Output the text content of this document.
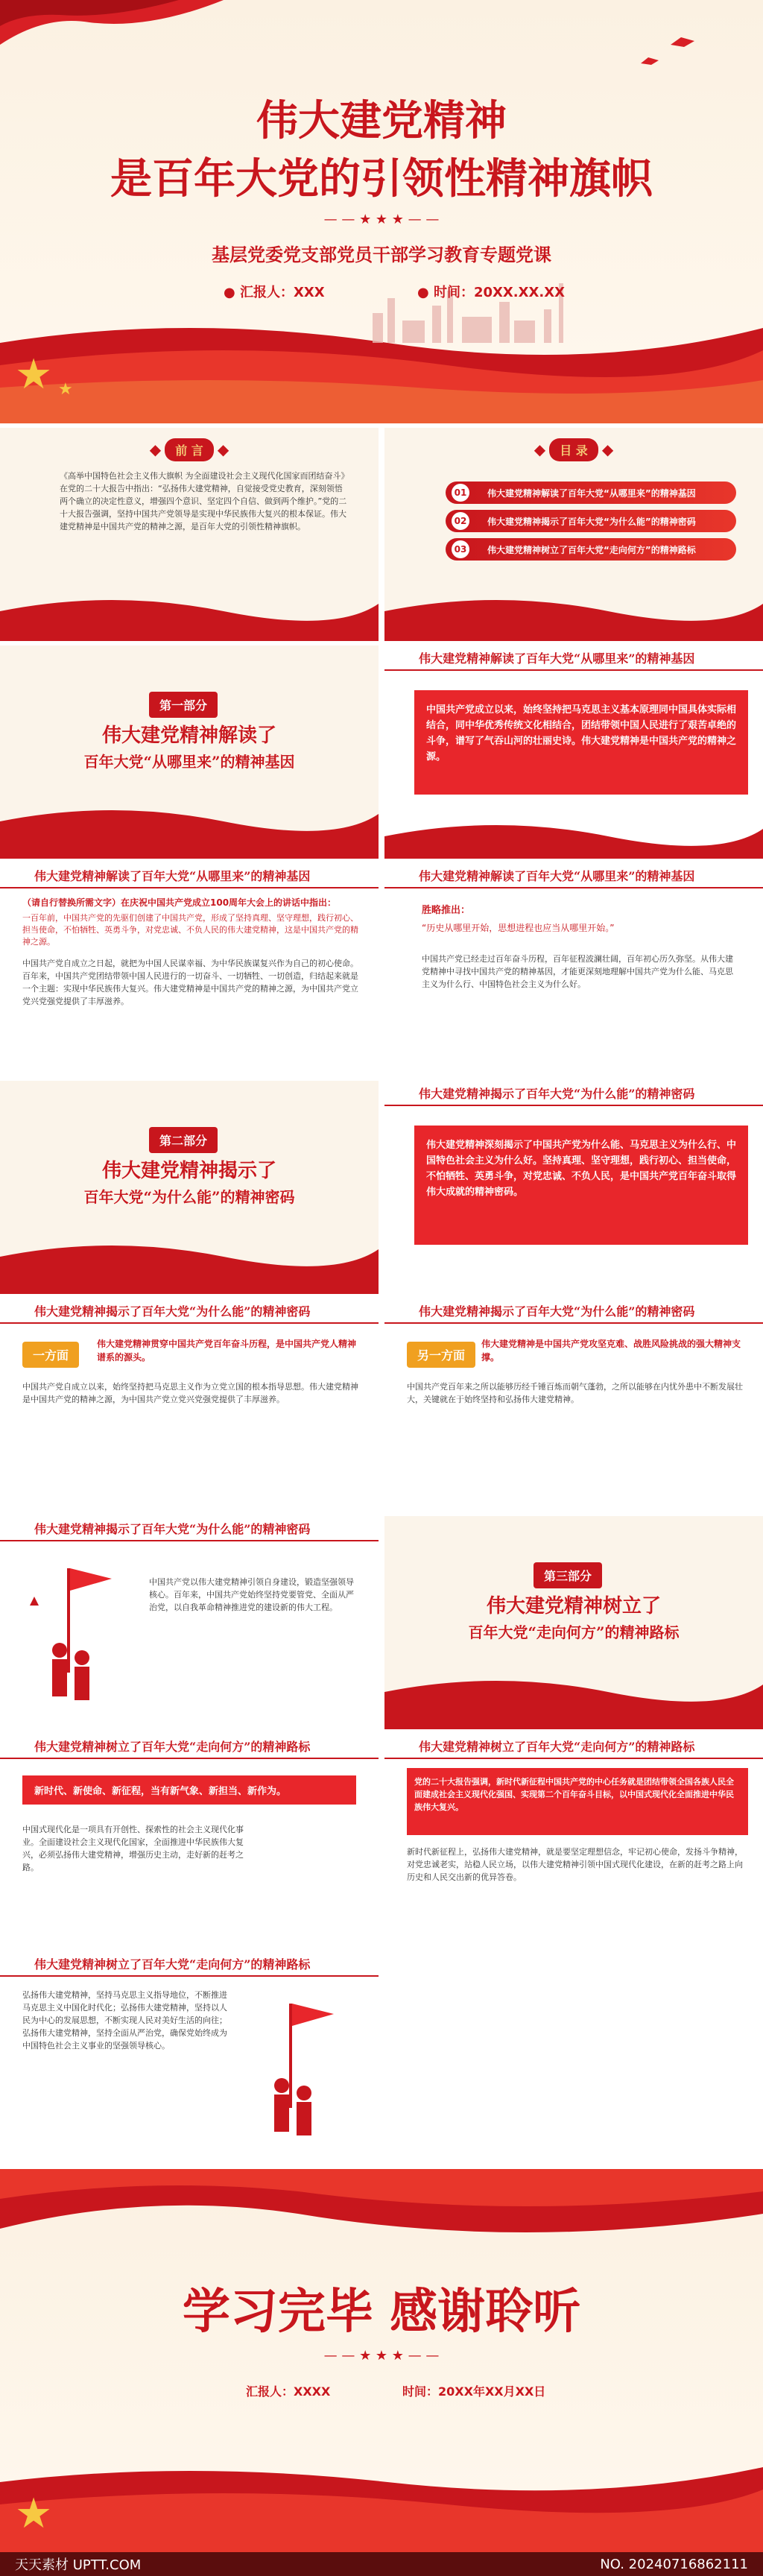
★ ★
伟大建党精神
是百年大党的引领性精神旗帜
— — ★ ★ ★ — —
基层党委党支部党员干部学习教育专题党课
● 汇报人：XXX	● 时间：20XX.XX.XX
◆ 前 言 ◆
《高举中国特色社会主义伟大旗帜 为全面建设社会主义现代化国家而团结奋斗》在党的二十大报告中指出：“弘扬伟大建党精神，自觉接受党史教育，深刻领悟两个确立的决定性意义，增强四个意识、坚定四个自信、做到两个维护。”党的二十大报告强调，坚持中国共产党领导是实现中华民族伟大复兴的根本保证。伟大建党精神是中国共产党的精神之源，是百年大党的引领性精神旗帜。
◆ 目 录 ◆
01	伟大建党精神解读了百年大党“从哪里来”的精神基因
02	伟大建党精神揭示了百年大党“为什么能”的精神密码
03	伟大建党精神树立了百年大党“走向何方”的精神路标
第一部分
伟大建党精神解读了
百年大党“从哪里来”的精神基因
伟大建党精神解读了百年大党“从哪里来”的精神基因
中国共产党成立以来，始终坚持把马克思主义基本原理同中国具体实际相结合，同中华优秀传统文化相结合，团结带领中国人民进行了艰苦卓绝的斗争，谱写了气吞山河的壮丽史诗。伟大建党精神是中国共产党的精神之源。
伟大建党精神解读了百年大党“从哪里来”的精神基因
（请自行替换所需文字）在庆祝中国共产党成立100周年大会上的讲话中指出：
一百年前，中国共产党的先驱们创建了中国共产党，形成了坚持真理、坚守理想，践行初心、担当使命，不怕牺牲、英勇斗争，对党忠诚、不负人民的伟大建党精神，这是中国共产党的精神之源。
中国共产党自成立之日起，就把为中国人民谋幸福、为中华民族谋复兴作为自己的初心使命。百年来，中国共产党团结带领中国人民进行的一切奋斗、一切牺牲、一切创造，归结起来就是一个主题：实现中华民族伟大复兴。伟大建党精神是中国共产党的精神之源，为中国共产党立党兴党强党提供了丰厚滋养。
伟大建党精神解读了百年大党“从哪里来”的精神基因
胜略推出：
“历史从哪里开始，思想进程也应当从哪里开始。”
中国共产党已经走过百年奋斗历程，百年征程波澜壮阔，百年初心历久弥坚。从伟大建党精神中寻找中国共产党的精神基因，才能更深刻地理解中国共产党为什么能、马克思主义为什么行、中国特色社会主义为什么好。
第二部分
伟大建党精神揭示了
百年大党“为什么能”的精神密码
伟大建党精神揭示了百年大党“为什么能”的精神密码
伟大建党精神深刻揭示了中国共产党为什么能、马克思主义为什么行、中国特色社会主义为什么好。坚持真理、坚守理想，践行初心、担当使命，不怕牺牲、英勇斗争，对党忠诚、不负人民，是中国共产党百年奋斗取得伟大成就的精神密码。
伟大建党精神揭示了百年大党“为什么能”的精神密码
一方面
伟大建党精神贯穿中国共产党百年奋斗历程，是中国共产党人精神谱系的源头。
中国共产党自成立以来，始终坚持把马克思主义作为立党立国的根本指导思想。伟大建党精神是中国共产党的精神之源，为中国共产党立党兴党强党提供了丰厚滋养。
伟大建党精神揭示了百年大党“为什么能”的精神密码
另一方面
伟大建党精神是中国共产党攻坚克难、战胜风险挑战的强大精神支撑。
中国共产党百年来之所以能够历经千锤百炼而朝气蓬勃，之所以能够在内忧外患中不断发展壮大，关键就在于始终坚持和弘扬伟大建党精神。
伟大建党精神揭示了百年大党“为什么能”的精神密码
中国共产党以伟大建党精神引领自身建设，锻造坚强领导核心。百年来，中国共产党始终坚持党要管党、全面从严治党，以自我革命精神推进党的建设新的伟大工程。
第三部分
伟大建党精神树立了
百年大党“走向何方”的精神路标
伟大建党精神树立了百年大党“走向何方”的精神路标
新时代、新使命、新征程，当有新气象、新担当、新作为。
中国式现代化是一项具有开创性、探索性的社会主义现代化事业。全面建设社会主义现代化国家，全面推进中华民族伟大复兴，必须弘扬伟大建党精神，增强历史主动，走好新的赶考之路。
伟大建党精神树立了百年大党“走向何方”的精神路标
党的二十大报告强调，新时代新征程中国共产党的中心任务就是团结带领全国各族人民全面建成社会主义现代化强国、实现第二个百年奋斗目标，以中国式现代化全面推进中华民族伟大复兴。
新时代新征程上，弘扬伟大建党精神，就是要坚定理想信念，牢记初心使命，发扬斗争精神，对党忠诚老实，站稳人民立场，以伟大建党精神引领中国式现代化建设，在新的赶考之路上向历史和人民交出新的优异答卷。
伟大建党精神树立了百年大党“走向何方”的精神路标
弘扬伟大建党精神，坚持马克思主义指导地位，不断推进马克思主义中国化时代化；弘扬伟大建党精神，坚持以人民为中心的发展思想，不断实现人民对美好生活的向往；弘扬伟大建党精神，坚持全面从严治党，确保党始终成为中国特色社会主义事业的坚强领导核心。
学习完毕 感谢聆听
— — ★ ★ ★ — —
汇报人：XXXX	时间：20XX年XX月XX日
★
天天素材 UPTT.COM	NO. 20240716862111
